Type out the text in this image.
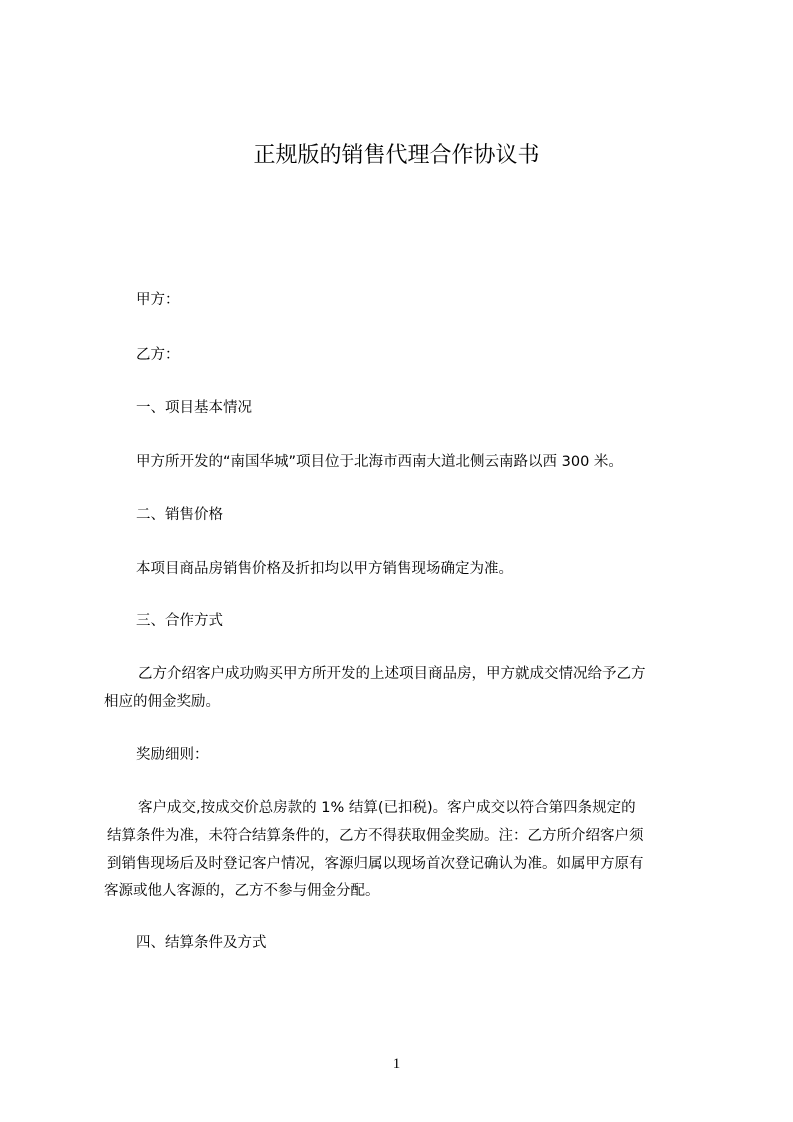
正规版的销售代理合作协议书
甲方：
乙方：
一、项目基本情况
甲方所开发的“南国华城”项目位于北海市西南大道北侧云南路以西 300 米。
二、销售价格
本项目商品房销售价格及折扣均以甲方销售现场确定为准。
三、合作方式
乙方介绍客户成功购买甲方所开发的上述项目商品房，甲方就成交情况给予乙方
相应的佣金奖励。
奖励细则：
客户成交,按成交价总房款的 1% 结算(已扣税)。客户成交以符合第四条规定的
结算条件为准，未符合结算条件的，乙方不得获取佣金奖励。注：乙方所介绍客户须
到销售现场后及时登记客户情况，客源归属以现场首次登记确认为准。如属甲方原有
客源或他人客源的，乙方不参与佣金分配。
四、结算条件及方式
1
